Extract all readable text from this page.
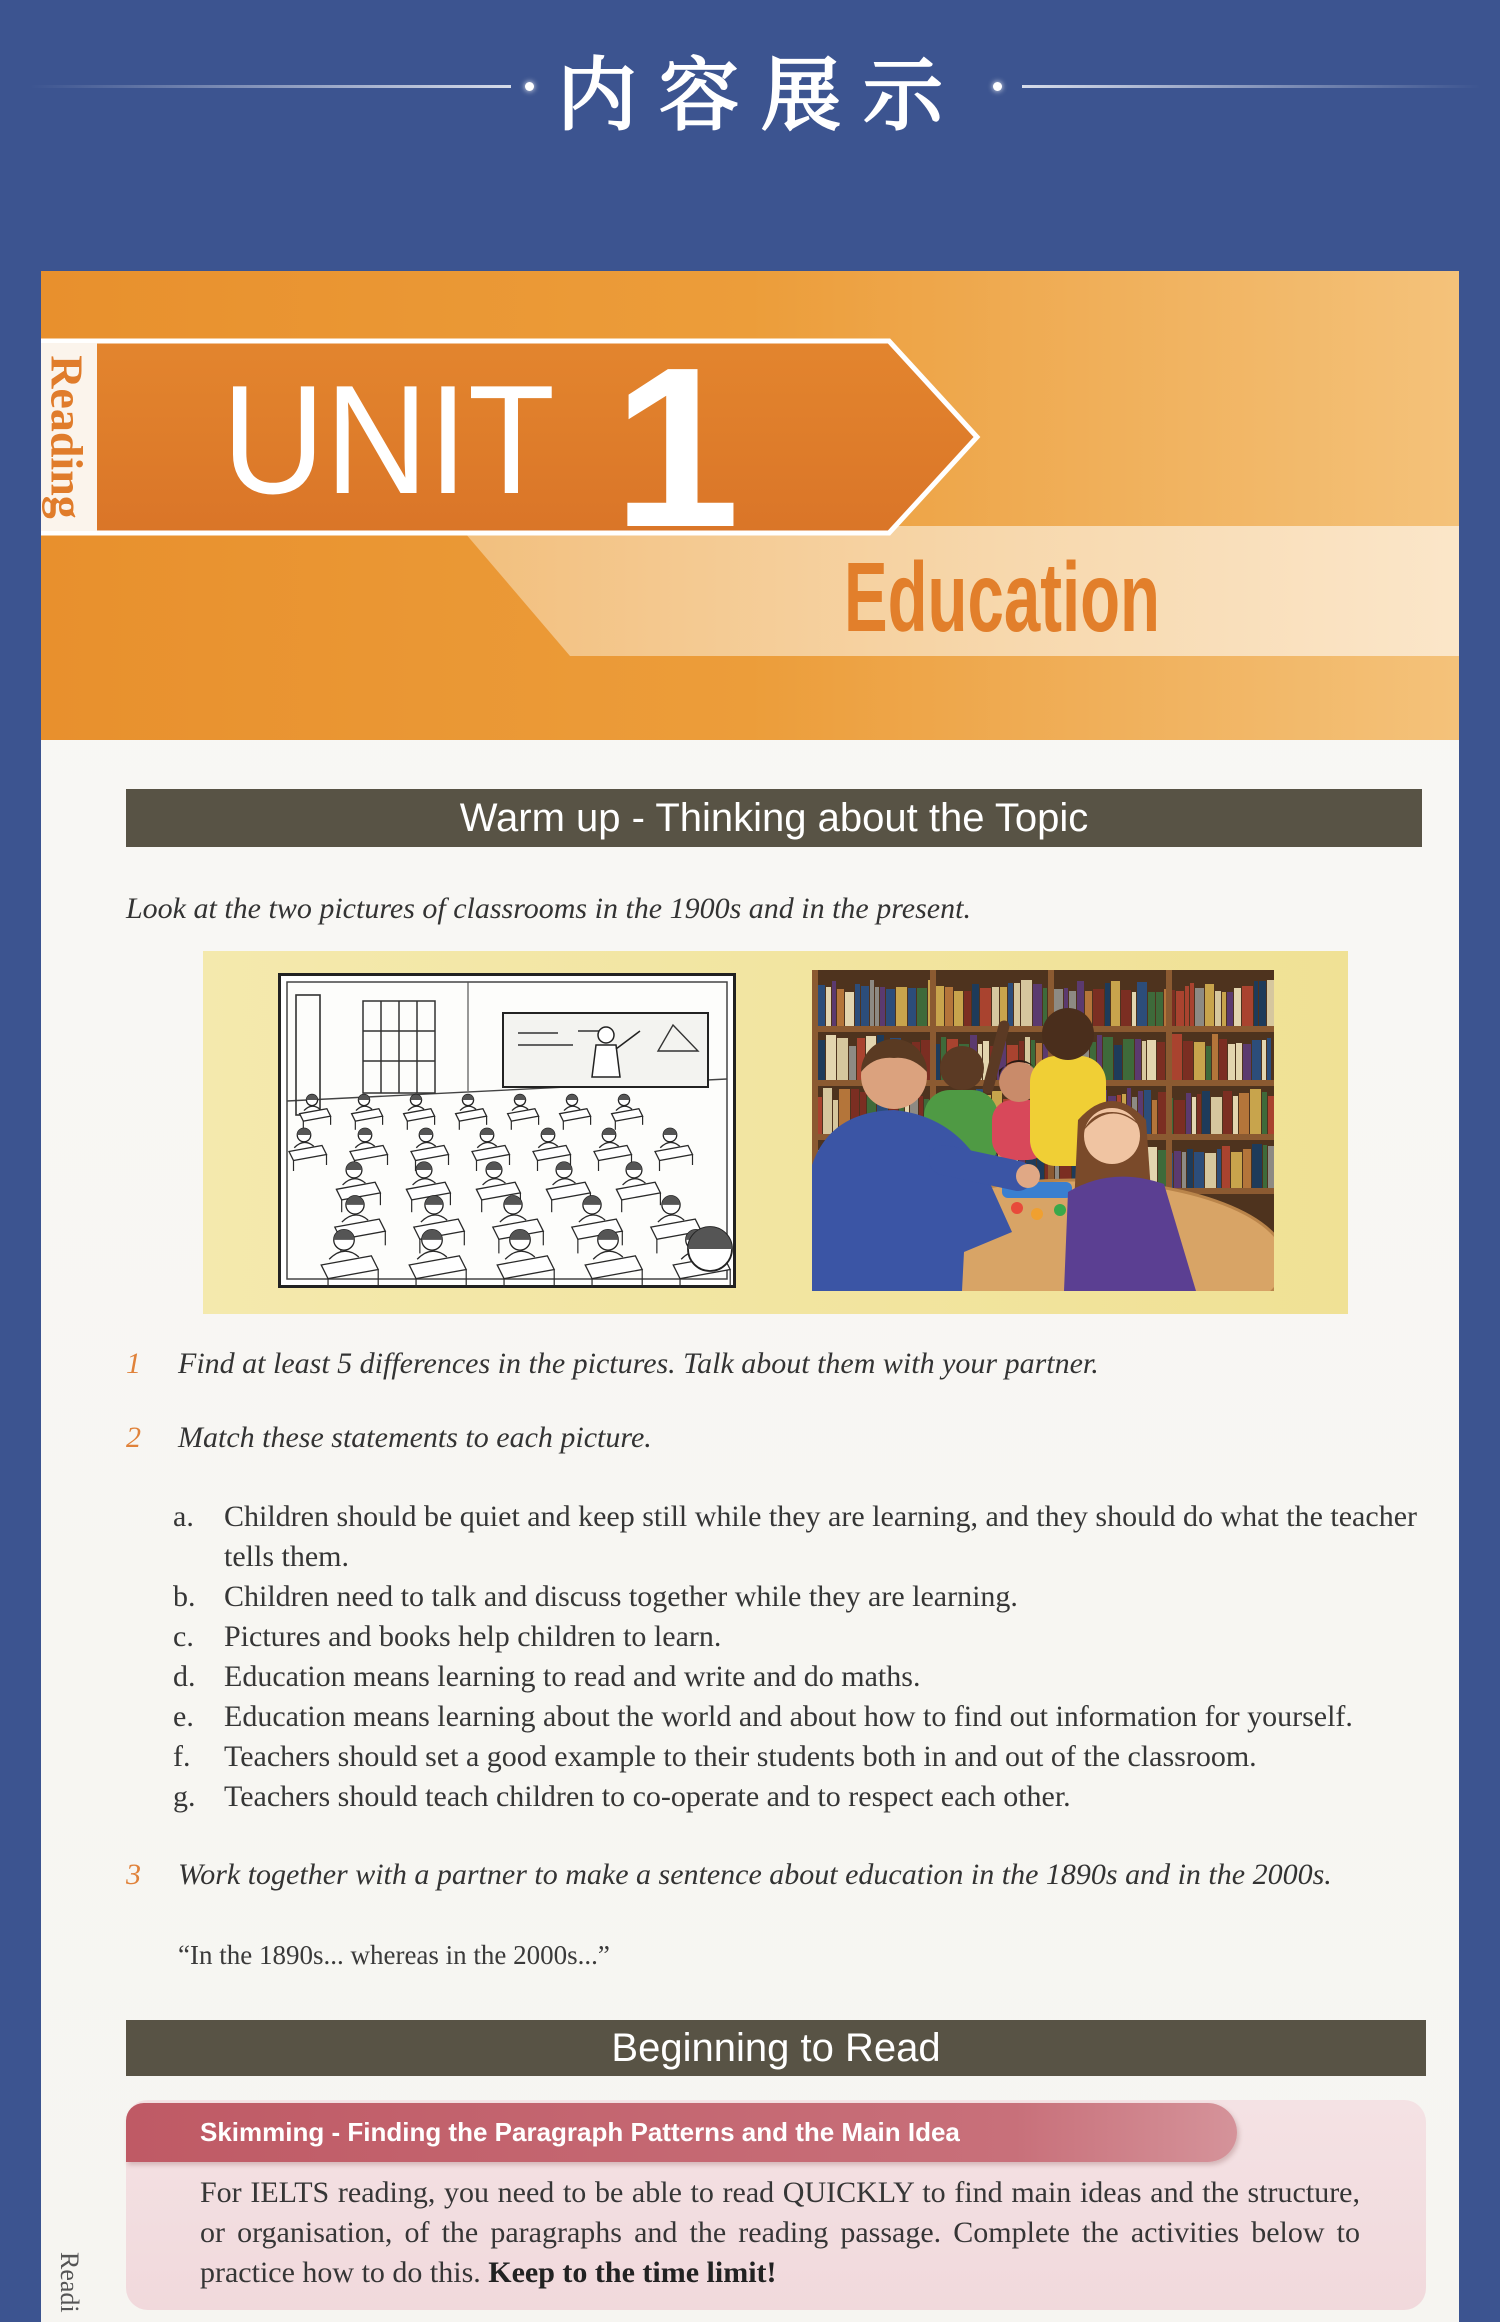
内容展示
Reading UNIT 1
Education
Warm up - Thinking about the Topic
Look at the two pictures of classrooms in the 1900s and in the present.
1 Find at least 5 differences in the pictures. Talk about them with your partner.
2 Match these statements to each picture.
a.	Children should be quiet and keep still while they are learning, and they should do what the teacher tells them.
b. Children need to talk and discuss together while they are learning.
c.	Pictures and books help children to learn.
d. Education means learning to read and write and do maths.
e.	Education means learning about the world and about how to find out information for yourself.
f.	Teachers should set a good example to their students both in and out of the classroom.
g. Teachers should teach children to co-operate and to respect each other.
3 Work together with a partner to make a sentence about education in the 1890s and in the 2000s.
“In the 1890s... whereas in the 2000s...”
Beginning to Read
Skimming - Finding the Paragraph Patterns and the Main Idea

For IELTS reading, you need to be able to read QUICKLY to find main ideas and the structure, or organisation, of the paragraphs and the reading passage. Complete the activities below to practice how to do this. Keep to the time limit!

Readi
